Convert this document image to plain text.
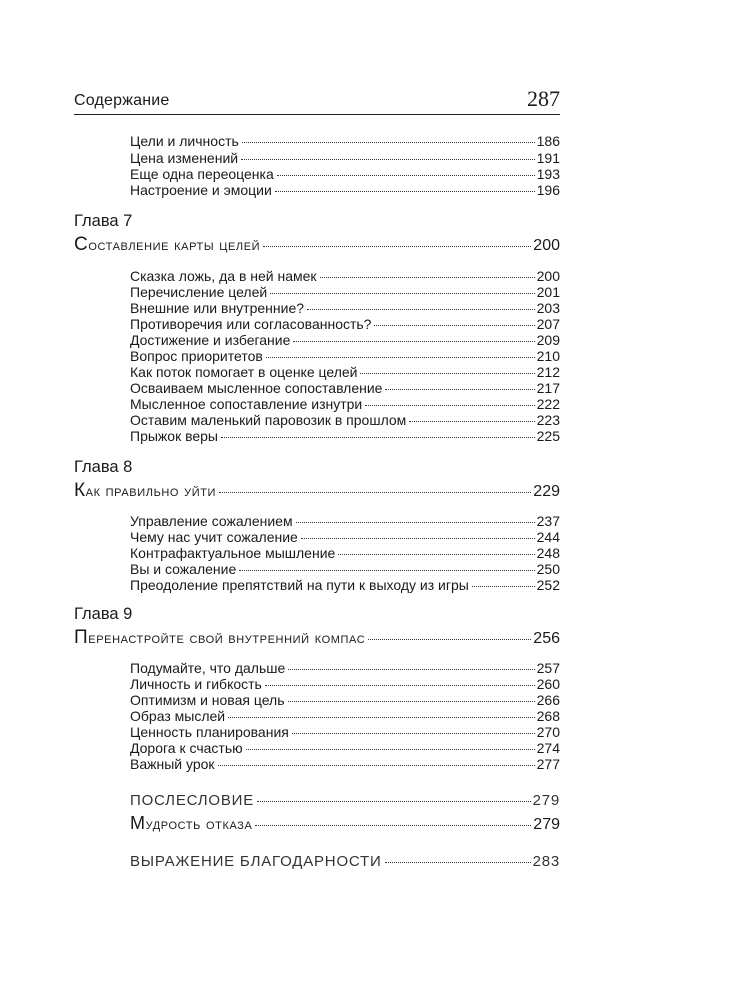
Содержание	287
Цели и личность	186
Цена изменений	191
Еще одна переоценка	193
Настроение и эмоции	196
Глава 7
Составление карты целей	200
Сказка ложь, да в ней намек	200
Перечисление целей	201
Внешние или внутренние?	203
Противоречия или согласованность?	207
Достижение и избегание	209
Вопрос приоритетов	210
Как поток помогает в оценке целей	212
Осваиваем мысленное сопоставление	217
Мысленное сопоставление изнутри	222
Оставим маленький паровозик в прошлом	223
Прыжок веры	225
Глава 8
Как правильно уйти	229
Управление сожалением	237
Чему нас учит сожаление	244
Контрафактуальное мышление	248
Вы и сожаление	250
Преодоление препятствий на пути к выходу из игры	252
Глава 9
Перенастройте свой внутренний компас	256
Подумайте, что дальше	257
Личность и гибкость	260
Оптимизм и новая цель	266
Образ мыслей	268
Ценность планирования	270
Дорога к счастью	274
Важный урок	277
ПОСЛЕСЛОВИЕ	279
Мудрость отказа	279
ВЫРАЖЕНИЕ БЛАГОДАРНОСТИ	283
